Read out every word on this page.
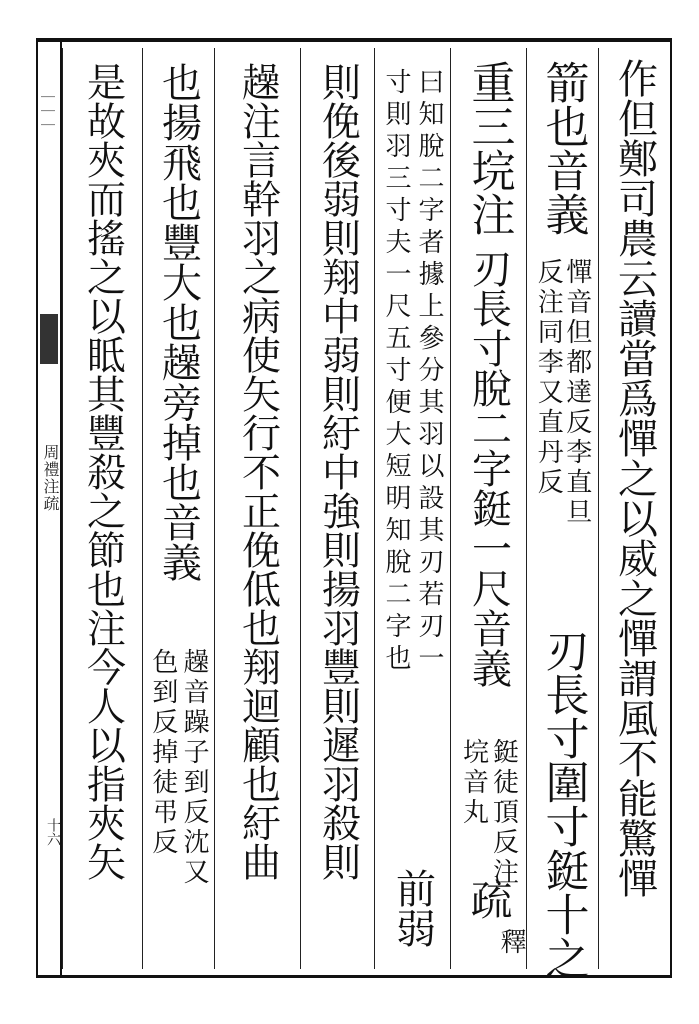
｜｜｜
周禮注疏
十六	作但鄭司農云讀當爲憚之以威之憚謂風不能驚憚
箭也音義
憚音但都達反李直旦
反注同李又直丹反
刃長寸圍寸鋌十之
重三垸注
刃長寸脫二字鋌一尺音義
鋌徒頂反注
垸音丸
疏
釋
曰知脫二字者據上參分其羽以設其刃若刃一
寸則羽三寸夫一尺五寸便大短明知脫二字也
前弱
則俛後弱則翔中弱則紆中強則揚羽豐則遲羽殺則
趮注言幹羽之病使矢行不正俛低也翔迴顧也紆曲
也揚飛也豐大也趮旁掉也音義
趮音躁子到反沈又
色到反掉徒弔反
是故夾而搖之以眡其豐殺之節也注今人以指夾矢
